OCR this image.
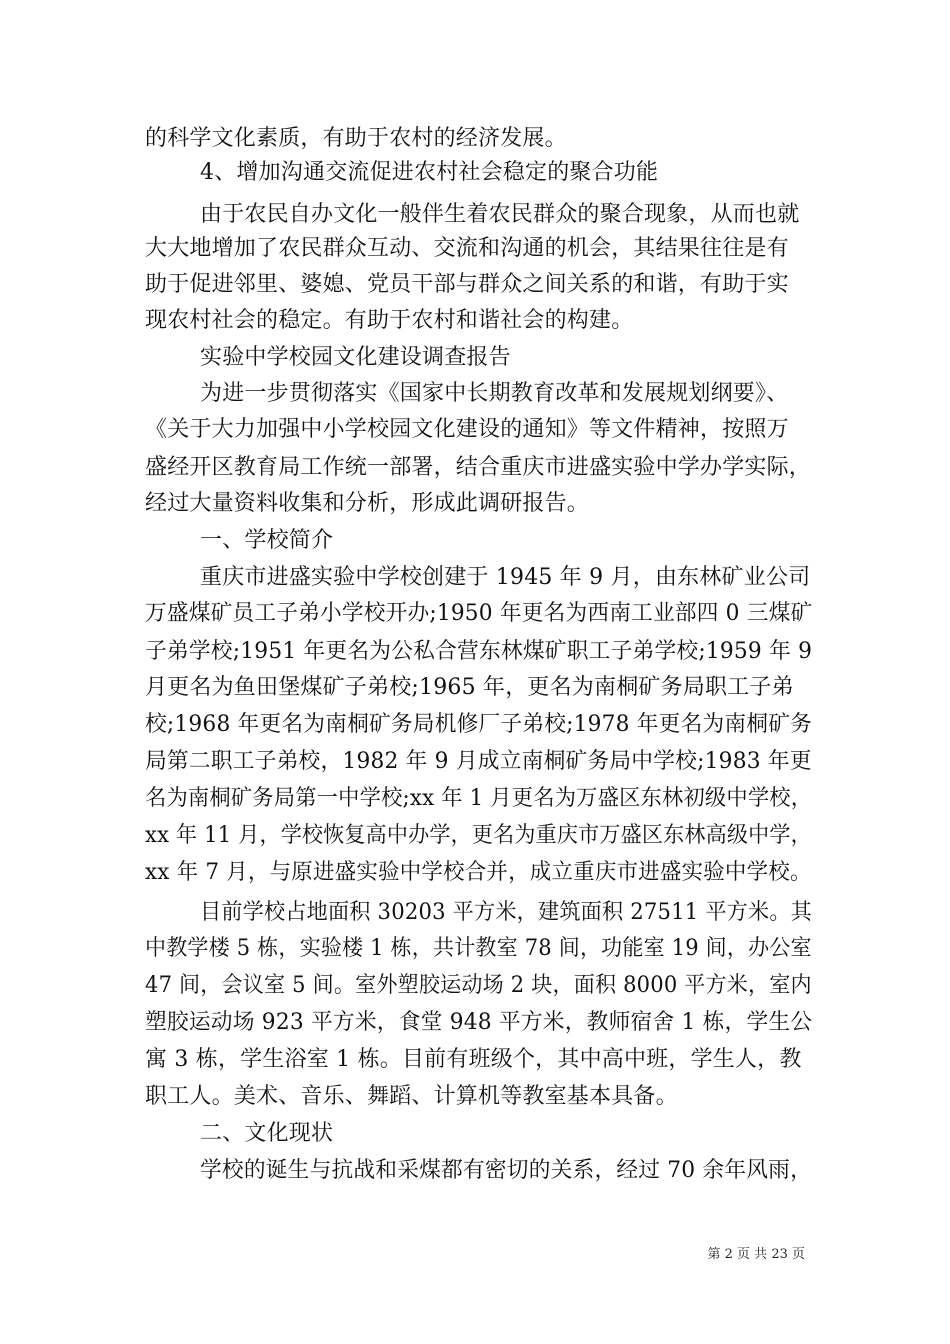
的科学文化素质，有助于农村的经济发展。
4、增加沟通交流促进农村社会稳定的聚合功能
由于农民自办文化一般伴生着农民群众的聚合现象，从而也就
大大地增加了农民群众互动、交流和沟通的机会，其结果往往是有
助于促进邻里、婆媳、党员干部与群众之间关系的和谐，有助于实
现农村社会的稳定。有助于农村和谐社会的构建。
实验中学校园文化建设调查报告
为进一步贯彻落实《国家中长期教育改革和发展规划纲要》、
《关于大力加强中小学校园文化建设的通知》等文件精神，按照万
盛经开区教育局工作统一部署，结合重庆市进盛实验中学办学实际，
经过大量资料收集和分析，形成此调研报告。
一、学校简介
重庆市进盛实验中学校创建于 1945 年 9 月，由东林矿业公司
万盛煤矿员工子弟小学校开办;1950 年更名为西南工业部四 0 三煤矿
子弟学校;1951 年更名为公私合营东林煤矿职工子弟学校;1959 年 9
月更名为鱼田堡煤矿子弟校;1965 年，更名为南桐矿务局职工子弟
校;1968 年更名为南桐矿务局机修厂子弟校;1978 年更名为南桐矿务
局第二职工子弟校，1982 年 9 月成立南桐矿务局中学校;1983 年更
名为南桐矿务局第一中学校;xx 年 1 月更名为万盛区东林初级中学校，
xx 年 11 月，学校恢复高中办学，更名为重庆市万盛区东林高级中学，
xx 年 7 月，与原进盛实验中学校合并，成立重庆市进盛实验中学校。
目前学校占地面积 30203 平方米，建筑面积 27511 平方米。其
中教学楼 5 栋，实验楼 1 栋，共计教室 78 间，功能室 19 间，办公室
47 间，会议室 5 间。室外塑胶运动场 2 块，面积 8000 平方米，室内
塑胶运动场 923 平方米，食堂 948 平方米，教师宿舍 1 栋，学生公
寓 3 栋，学生浴室 1 栋。目前有班级个，其中高中班，学生人，教
职工人。美术、音乐、舞蹈、计算机等教室基本具备。
二、文化现状
学校的诞生与抗战和采煤都有密切的关系，经过 70 余年风雨，
第 2 页 共 23 页
